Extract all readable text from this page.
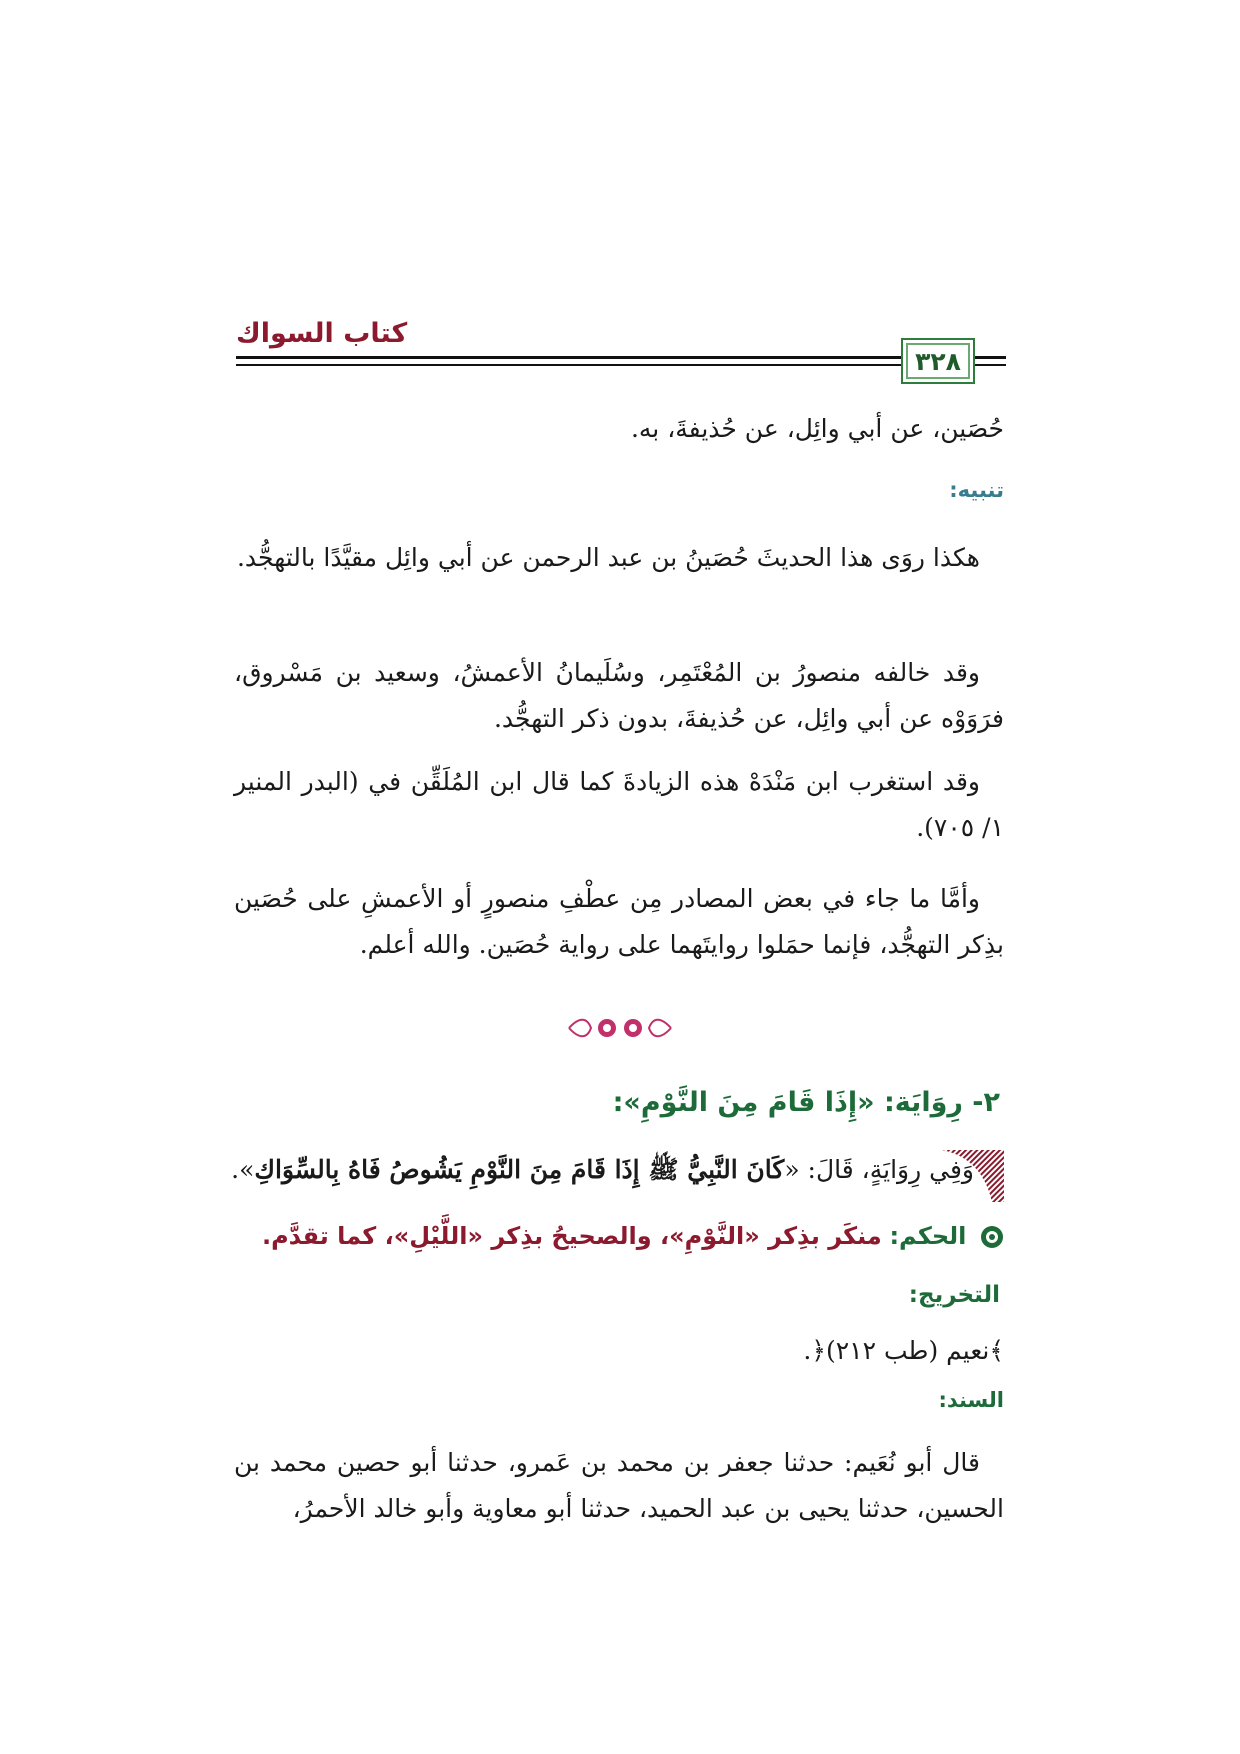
كتاب السواك
٣٢٨
حُصَين، عن أبي وائِل، عن حُذيفةَ، به.
تنبيه:
هكذا روَى هذا الحديثَ حُصَينُ بن عبد الرحمن عن أبي وائِل مقيَّدًا بالتهجُّد.
وقد خالفه منصورُ بن المُعْتَمِر، وسُلَيمانُ الأعمشُ، وسعيد بن مَسْروق، فرَوَوْه عن أبي وائِل، عن حُذيفةَ، بدون ذكر التهجُّد.
وقد استغرب ابن مَنْدَهْ هذه الزيادةَ كما قال ابن المُلَقِّن في (البدر المنير ١/ ٧٠٥).
وأمَّا ما جاء في بعض المصادر مِن عطْفِ منصورٍ أو الأعمشِ على حُصَين بذِكر التهجُّد، فإنما حمَلوا روايتَهما على رواية حُصَين. والله أعلم.
٢- رِوَايَة: «إِذَا قَامَ مِنَ النَّوْمِ»:
وَفِي رِوَايَةٍ، قَالَ: «كَانَ النَّبِيُّ ﷺ إِذَا قَامَ مِنَ النَّوْمِ يَشُوصُ فَاهُ بِالسِّوَاكِ».
الحكم: منكَر بذِكر «النَّوْمِ»، والصحيحُ بذِكر «اللَّيْلِ»، كما تقدَّم.
التخريج:
﴾نعيم (طب ٢١٢)﴿.
السند:
قال أبو نُعَيم: حدثنا جعفر بن محمد بن عَمرو، حدثنا أبو حصين محمد بن الحسين، حدثنا يحيى بن عبد الحميد، حدثنا أبو معاوية وأبو خالد الأحمرُ،
